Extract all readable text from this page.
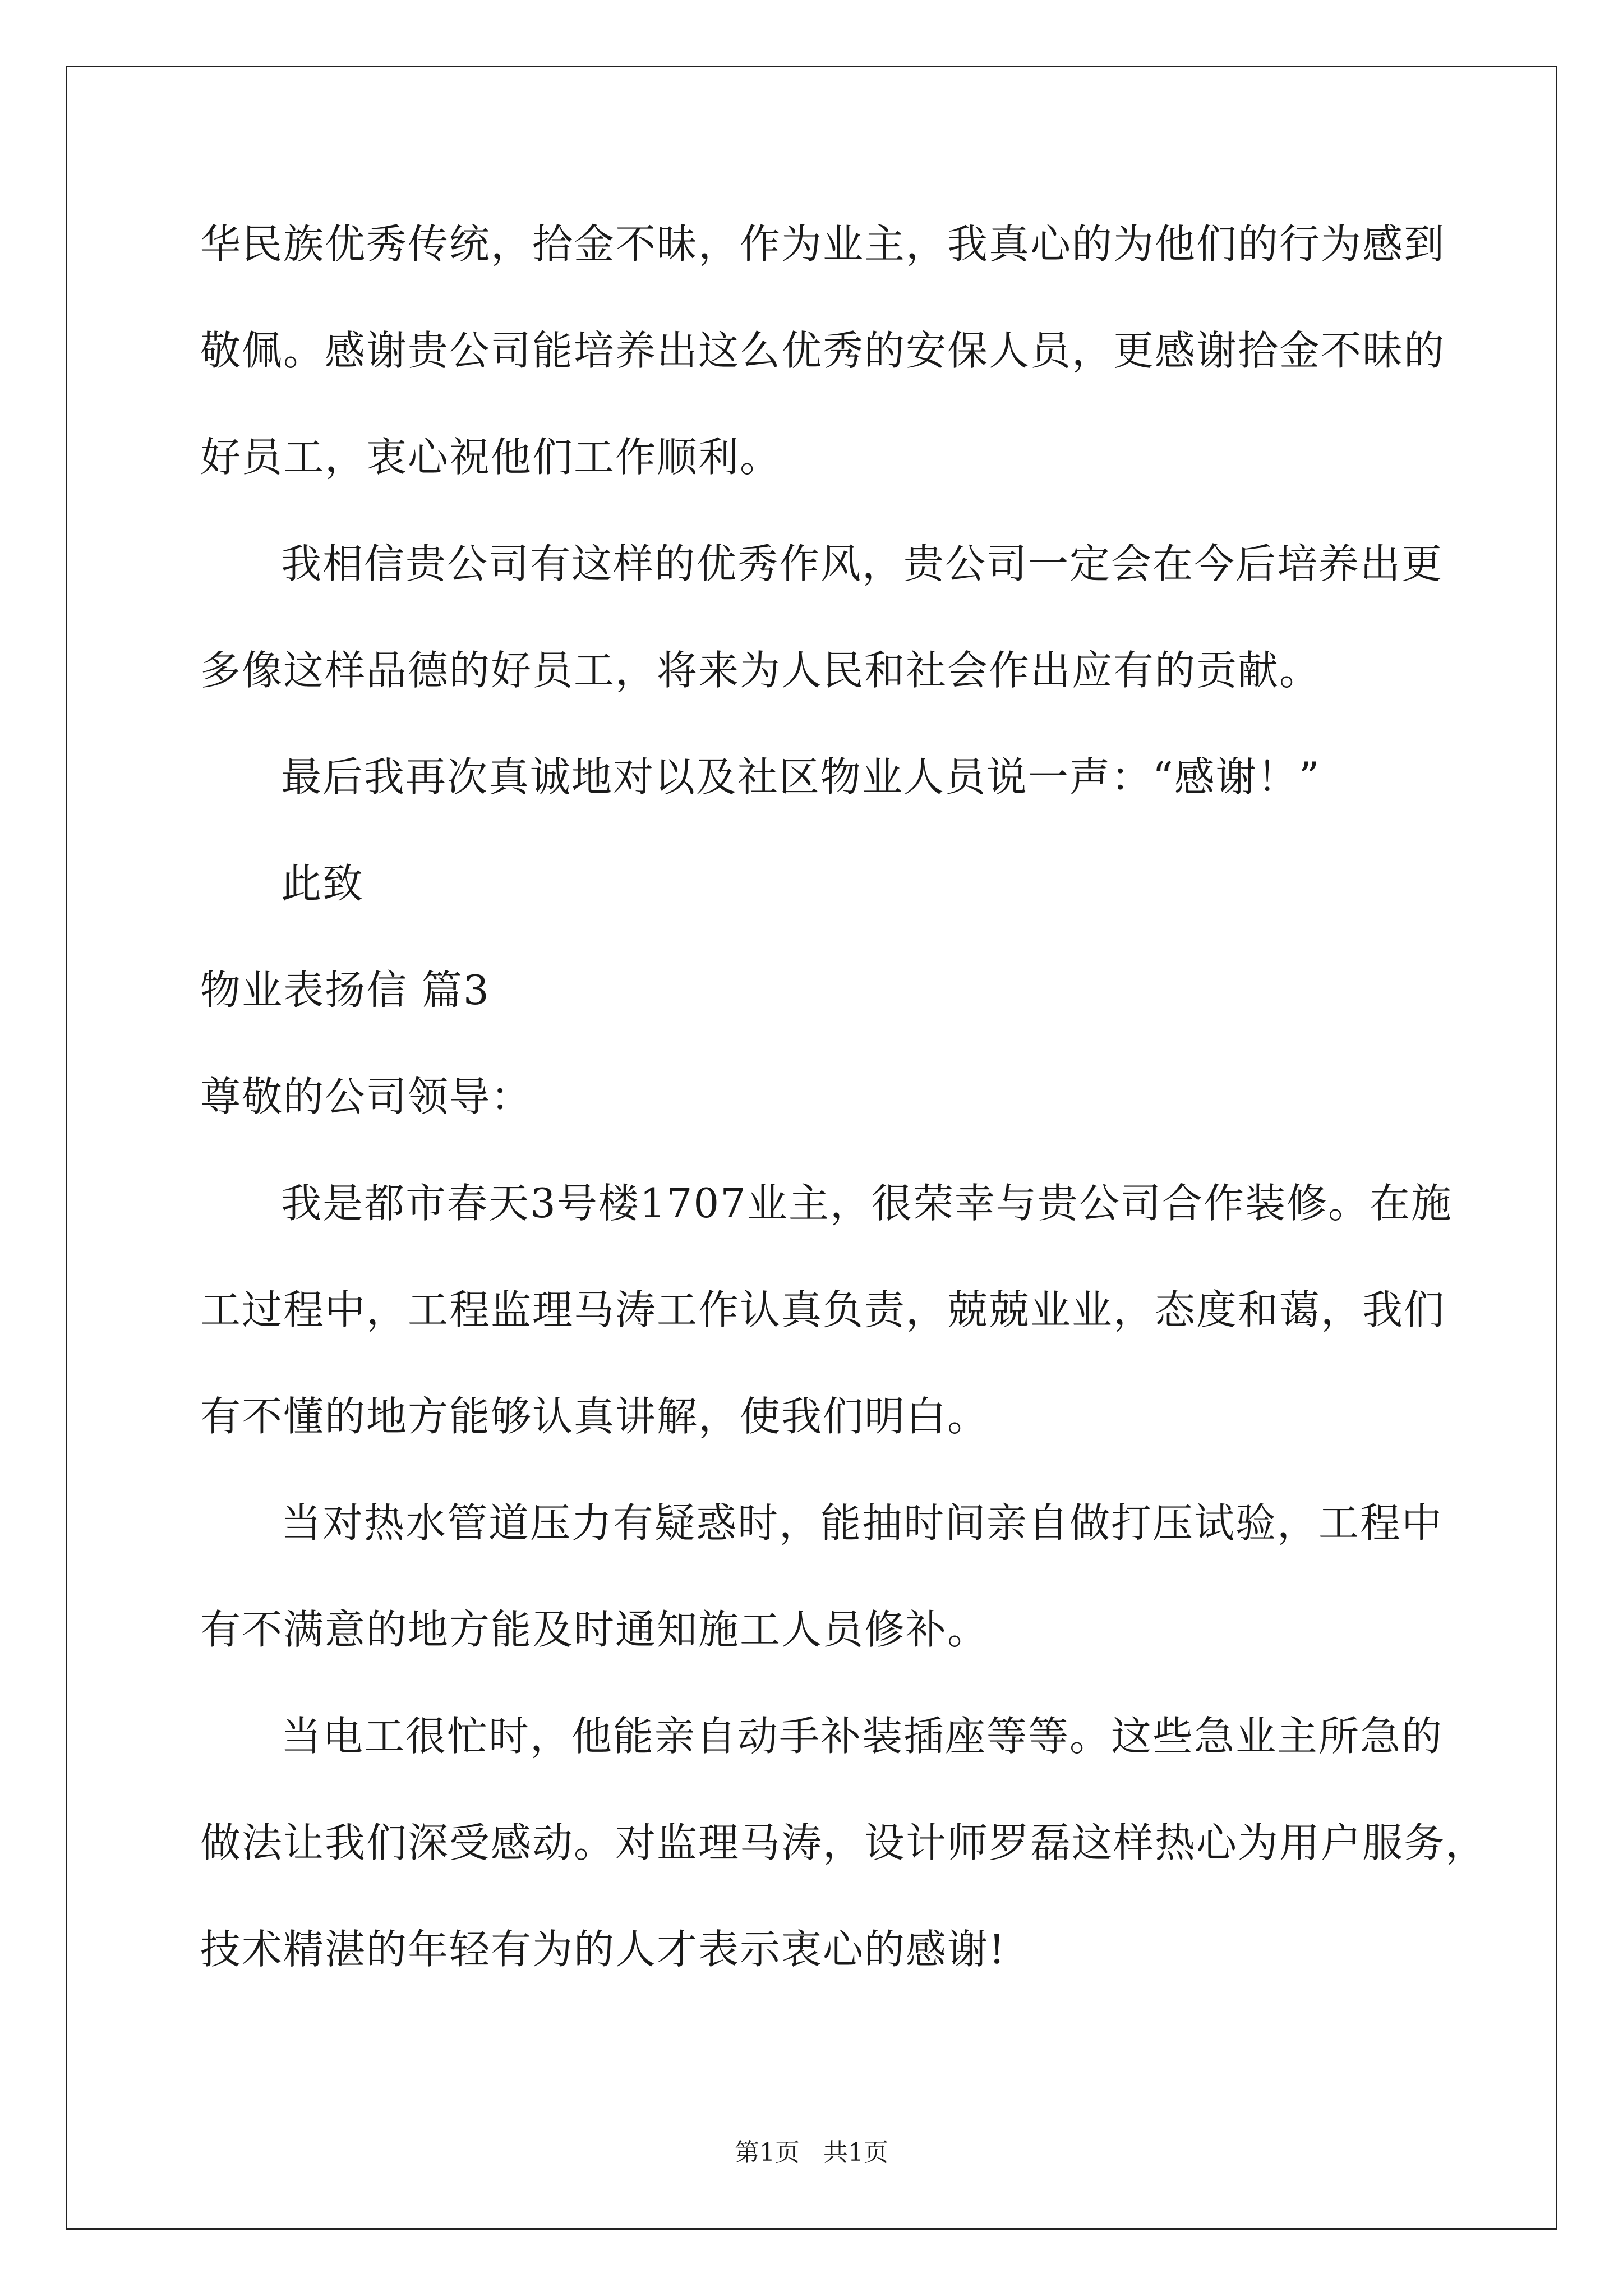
华民族优秀传统，拾金不昧，作为业主，我真心的为他们的行为感到
敬佩。感谢贵公司能培养出这么优秀的安保人员，更感谢拾金不昧的
好员工，衷心祝他们工作顺利。
我相信贵公司有这样的优秀作风，贵公司一定会在今后培养出更
多像这样品德的好员工，将来为人民和社会作出应有的贡献。
最后我再次真诚地对以及社区物业人员说一声：“感谢！”
此致
物业表扬信 篇3
尊敬的公司领导：
我是都市春天3号楼1707业主，很荣幸与贵公司合作装修。在施
工过程中，工程监理马涛工作认真负责，兢兢业业，态度和蔼，我们
有不懂的地方能够认真讲解，使我们明白。
当对热水管道压力有疑惑时，能抽时间亲自做打压试验，工程中
有不满意的地方能及时通知施工人员修补。
当电工很忙时，他能亲自动手补装插座等等。这些急业主所急的
做法让我们深受感动。对监理马涛，设计师罗磊这样热心为用户服务，
技术精湛的年轻有为的人才表示衷心的感谢!
第1页 共1页
